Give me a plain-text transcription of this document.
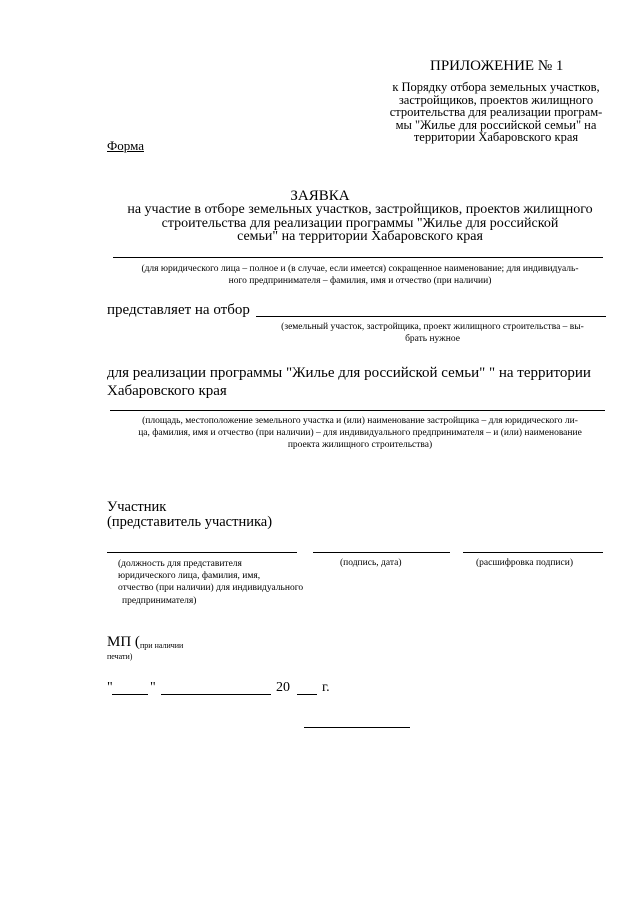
ПРИЛОЖЕНИЕ № 1
к Порядку отбора земельных участков,
застройщиков, проектов жилищного
строительства для реализации програм-
мы "Жилье для российской семьи" на
территории Хабаровского края
Форма
ЗАЯВКА
на участие в отборе земельных участков, застройщиков, проектов жилищного
строительства для реализации программы "Жилье для российской
семьи" на территории Хабаровского края
(для юридического лица – полное и (в случае, если имеется) сокращенное наименование; для индивидуаль-
ного предпринимателя – фамилия, имя и отчество (при наличии)
представляет на отбор
(земельный участок, застройщика, проект жилищного строительства – вы-
брать нужное
для реализации программы "Жилье для российской семьи" " на территории
Хабаровского края
(площадь, местоположение земельного участка и (или) наименование застройщика – для юридического ли-
ца, фамилия, имя и отчество (при наличии) – для индивидуального предпринимателя – и (или) наименование
проекта жилищного строительства)
Участник
(представитель участника)
(должность для представителя
юридического лица, фамилия, имя,
отчество (при наличии) для индивидуального
предпринимателя)
(подпись, дата)	(расшифровка подписи)
МП ( при наличии
печати)
"	"	20 г.
